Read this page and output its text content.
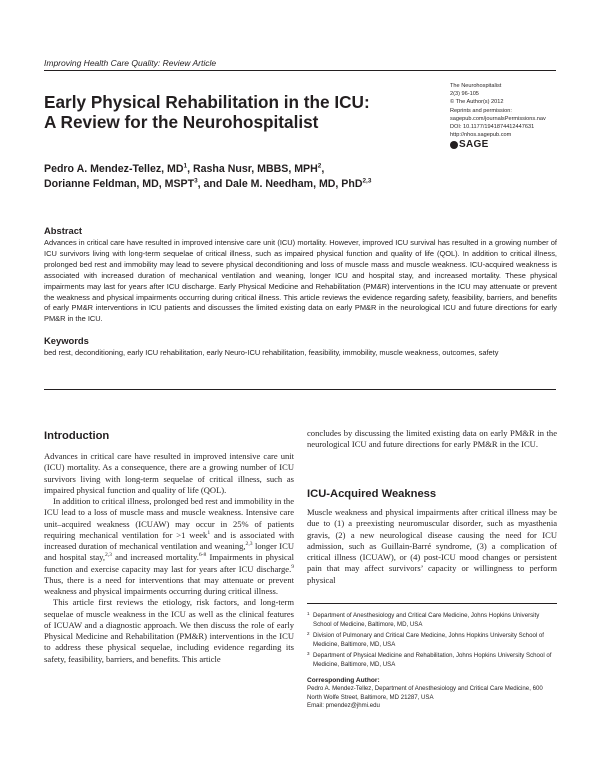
Improving Health Care Quality: Review Article
The Neurohospitalist
2(3) 96-105
© The Author(s) 2012
Reprints and permission:
sagepub.com/journalsPermissions.nav
DOI: 10.1177/1941874412447631
http://nhos.sagepub.com
SAGE
Early Physical Rehabilitation in the ICU:
A Review for the Neurohospitalist
Pedro A. Mendez-Tellez, $MD^1$, Rasha Nusr, MBBS, MPH$^2$,
Dorianne Feldman, MD, MSPT$^3$, and Dale M. Needham, MD, PhD$^{2,3}$
Abstract
Advances in critical care have resulted in improved intensive care unit (ICU) mortality. However, improved ICU survival has resulted in a growing number of ICU survivors living with long-term sequelae of critical illness, such as impaired physical function and quality of life (QOL). In addition to critical illness, prolonged bed rest and immobility may lead to severe physical deconditioning and loss of muscle mass and muscle weakness. ICU-acquired weakness is associated with increased duration of mechanical ventilation and weaning, longer ICU and hospital stay, and increased mortality. These physical impairments may last for years after ICU discharge. Early Physical Medicine and Rehabilitation (PM&R) interventions in the ICU may attenuate or prevent the weakness and physical impairments occurring during critical illness. This article reviews the evidence regarding safety, feasibility, barriers, and benefits of early PM&R interventions in ICU patients and discusses the limited existing data on early PM&R in the neurological ICU and future directions for early PM&R in the ICU.
Keywords
bed rest, deconditioning, early ICU rehabilitation, early Neuro-ICU rehabilitation, feasibility, immobility, muscle weakness, outcomes, safety
Introduction

Advances in critical care have resulted in improved intensive care unit (ICU) mortality. As a consequence, there are a growing number of ICU survivors living with long-term sequelae of critical illness, such as impaired physical function and quality of life (QOL).

In addition to critical illness, prolonged bed rest and immobility in the ICU lead to a loss of muscle mass and muscle weakness. Intensive care unit–acquired weakness (ICUAW) may occur in 25% of patients requiring mechanical ventilation for >1 week$^1$ and is associated with increased duration of mechanical ventilation and weaning,$^{2,3}$ longer ICU and hospital stay,$^{2,3}$ and increased mortality.$^{6-8}$ Impairments in physical function and exercise capacity may last for years after ICU discharge.$^9$ Thus, there is a need for interventions that may attenuate or prevent weakness and physical impairments occurring during critical illness.

This article first reviews the etiology, risk factors, and long-term sequelae of muscle weakness in the ICU as well as the clinical features of ICUAW and a diagnostic approach. We then discuss the role of early Physical Medicine and Rehabilitation (PM&R) interventions in the ICU to address these physical sequelae, including evidence regarding its safety, feasibility, barriers, and benefits. This article

concludes by discussing the limited existing data on early PM&R in the neurological ICU and future directions for early PM&R in the ICU.

ICU-Acquired Weakness

Muscle weakness and physical impairments after critical illness may be due to (1) a preexisting neuromuscular disorder, such as myasthenia gravis, (2) a new neurological disease causing the need for ICU admission, such as Guillain-Barré syndrome, (3) a complication of critical illness (ICUAW), or (4) post-ICU mood changes or persistent pain that may affect survivors’ capacity or willingness to perform physical

1 Department of Anesthesiology and Critical Care Medicine, Johns Hopkins University School of Medicine, Baltimore, MD, USA

2 Division of Pulmonary and Critical Care Medicine, Johns Hopkins University School of Medicine, Baltimore, MD, USA

3 Department of Physical Medicine and Rehabilitation, Johns Hopkins University School of Medicine, Baltimore, MD, USA

Corresponding Author:
Pedro A. Mendez-Tellez, Department of Anesthesiology and Critical Care Medicine, 600 North Wolfe Street, Baltimore, MD 21287, USA
Email: pmendez@jhmi.edu
